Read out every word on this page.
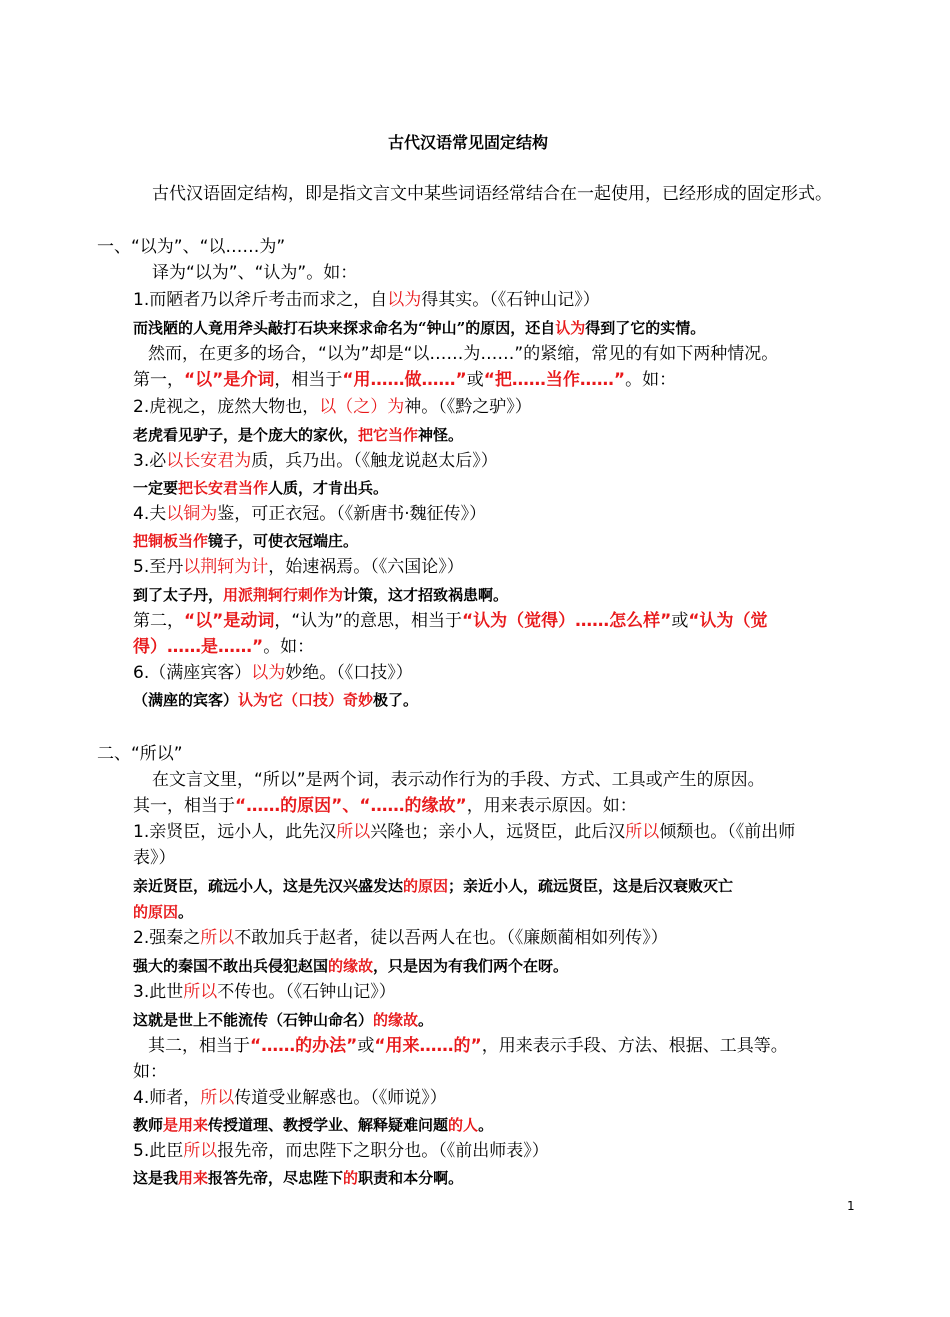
古代汉语常见固定结构
古代汉语固定结构，即是指文言文中某些词语经常结合在一起使用，已经形成的固定形式。
一、“以为”、“以……为”
译为“以为”、“认为”。如：
1.而陋者乃以斧斤考击而求之，自以为得其实。（《石钟山记》）
而浅陋的人竟用斧头敲打石块来探求命名为“钟山”的原因，还自认为得到了它的实情。
然而，在更多的场合，“以为”却是“以……为……”的紧缩，常见的有如下两种情况。
第一，“以”是介词，相当于“用……做……”或“把……当作……”。如：
2.虎视之，庞然大物也，以（之）为神。（《黔之驴》）
老虎看见驴子，是个庞大的家伙，把它当作神怪。
3.必以长安君为质，兵乃出。（《触龙说赵太后》）
一定要把长安君当作人质，才肯出兵。
4.夫以铜为鉴，可正衣冠。（《新唐书·魏征传》）
把铜板当作镜子，可使衣冠端庄。
5.至丹以荆轲为计，始速祸焉。（《六国论》）
到了太子丹，用派荆轲行刺作为计策，这才招致祸患啊。
第二，“以”是动词，“认为”的意思，相当于“认为（觉得）……怎么样”或“认为（觉
得）……是……”。如：
6.（满座宾客）以为妙绝。（《口技》）
（满座的宾客）认为它（口技）奇妙极了。
二、“所以”
在文言文里，“所以”是两个词，表示动作行为的手段、方式、工具或产生的原因。
其一，相当于“……的原因”、“……的缘故”，用来表示原因。如：
1.亲贤臣，远小人，此先汉所以兴隆也；亲小人，远贤臣，此后汉所以倾颓也。（《前出师
表》）
亲近贤臣，疏远小人，这是先汉兴盛发达的原因；亲近小人，疏远贤臣，这是后汉衰败灭亡
的原因。
2.强秦之所以不敢加兵于赵者，徒以吾两人在也。（《廉颇蔺相如列传》）
强大的秦国不敢出兵侵犯赵国的缘故，只是因为有我们两个在呀。
3.此世所以不传也。（《石钟山记》）
这就是世上不能流传（石钟山命名）的缘故。
其二，相当于“……的办法”或“用来……的”，用来表示手段、方法、根据、工具等。
如：
4.师者，所以传道受业解惑也。（《师说》）
教师是用来传授道理、教授学业、解释疑难问题的人。
5.此臣所以报先帝，而忠陛下之职分也。（《前出师表》）
这是我用来报答先帝，尽忠陛下的职责和本分啊。
1
